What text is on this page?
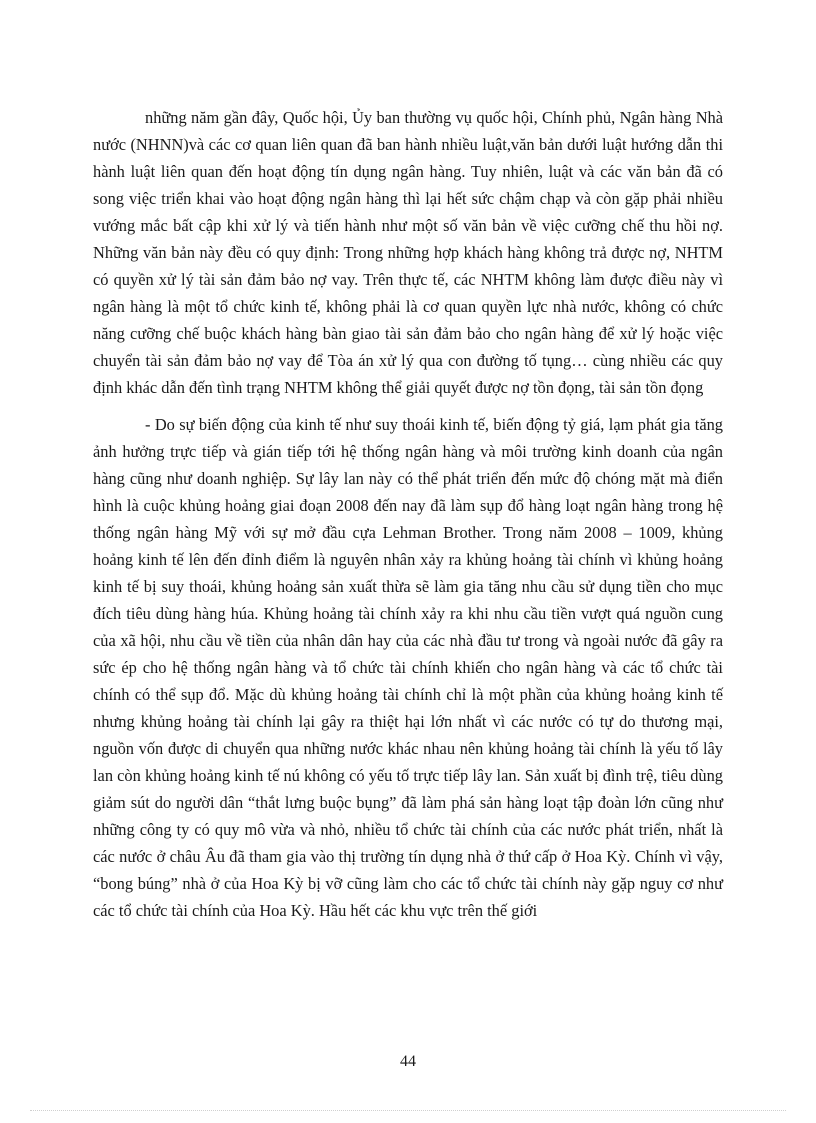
những năm gần đây, Quốc hội, Ủy ban thường vụ quốc hội, Chính phủ, Ngân hàng Nhà nước (NHNN)và các cơ quan liên quan đã ban hành nhiều luật,văn bản dưới luật hướng dẫn thi hành luật liên quan đến hoạt động tín dụng ngân hàng. Tuy nhiên, luật và các văn bản đã có song việc triển khai vào hoạt động ngân hàng thì lại hết sức chậm chạp và còn gặp phải nhiều vướng mắc bất cập khi xử lý và tiến hành như một số văn bản về việc cưỡng chế thu hồi nợ. Những văn bản này đều có quy định: Trong những hợp khách hàng không trả được nợ, NHTM có quyền xử lý tài sản đảm bảo nợ vay. Trên thực tế, các NHTM không làm được điều này vì ngân hàng là một tổ chức kinh tế, không phải là cơ quan quyền lực nhà nước, không có chức năng cưỡng chế buộc khách hàng bàn giao tài sản đảm bảo cho ngân hàng để xử lý hoặc việc chuyển tài sản đảm bảo nợ vay để Tòa án xử lý qua con đường tố tụng… cùng nhiều các quy định khác dẫn đến tình trạng NHTM không thể giải quyết được nợ tồn đọng, tài sản tồn đọng

- Do sự biến động của kinh tế như suy thoái kinh tế, biến động tỷ giá, lạm phát gia tăng ảnh hưởng trực tiếp và gián tiếp tới hệ thống ngân hàng và môi trường kinh doanh của ngân hàng cũng như doanh nghiệp. Sự lây lan này có thể phát triển đến mức độ chóng mặt mà điển hình là cuộc khủng hoảng giai đoạn 2008 đến nay đã làm sụp đổ hàng loạt ngân hàng trong hệ thống ngân hàng Mỹ với sự mở đầu cựa Lehman Brother. Trong năm 2008 – 1009, khủng hoảng kinh tế lên đến đỉnh điểm là nguyên nhân xảy ra khủng hoảng tài chính vì khủng hoảng kinh tế bị suy thoái, khủng hoảng sản xuất thừa sẽ làm gia tăng nhu cầu sử dụng tiền cho mục đích tiêu dùng hàng húa. Khủng hoảng tài chính xảy ra khi nhu cầu tiền vượt quá nguồn cung của xã hội, nhu cầu về tiền của nhân dân hay của các nhà đầu tư trong và ngoài nước đã gây ra sức ép cho hệ thống ngân hàng và tổ chức tài chính khiến cho ngân hàng và các tổ chức tài chính có thể sụp đổ. Mặc dù khủng hoảng tài chính chỉ là một phần của khủng hoảng kinh tế nhưng khủng hoảng tài chính lại gây ra thiệt hại lớn nhất vì các nước có tự do thương mại, nguồn vốn được di chuyển qua những nước khác nhau nên khủng hoảng tài chính là yếu tố lây lan còn khủng hoảng kinh tế nú không có yếu tố trực tiếp lây lan. Sản xuất bị đình trệ, tiêu dùng giảm sút do người dân “thắt lưng buộc bụng” đã làm phá sản hàng loạt tập đoàn lớn cũng như những công ty có quy mô vừa và nhỏ, nhiều tổ chức tài chính của các nước phát triển, nhất là các nước ở châu Âu đã tham gia vào thị trường tín dụng nhà ở thứ cấp ở Hoa Kỳ. Chính vì vậy, “bong búng” nhà ở của Hoa Kỳ bị vỡ cũng làm cho các tổ chức tài chính này gặp nguy cơ như các tổ chức tài chính của Hoa Kỳ. Hầu hết các khu vực trên thế giới

44
